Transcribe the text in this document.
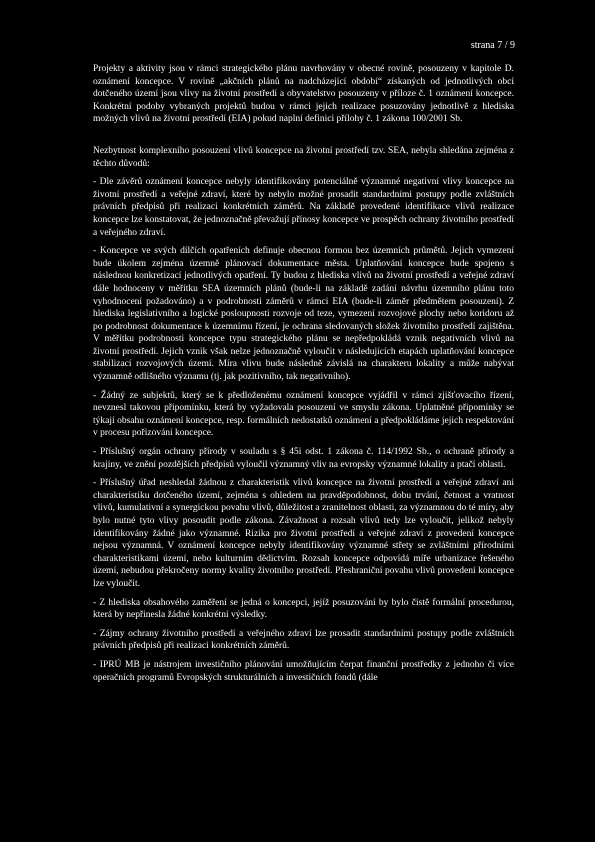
strana 7 / 9

Projekty a aktivity jsou v rámci strategického plánu navrhovány v obecné rovině, posouzeny v kapitole D. oznámení koncepce. V rovině „akčních plánů na nadcházející období“ získaných od jednotlivých obcí dotčeného území jsou vlivy na životní prostředí a obyvatelstvo posouzeny v příloze č. 1 oznámení koncepce. Konkrétní podoby vybraných projektů budou v rámci jejich realizace posuzovány jednotlivě z hlediska možných vlivů na životní prostředí (EIA) pokud naplní definici přílohy č. 1 zákona 100/2001 Sb.

Nezbytnost komplexního posouzení vlivů koncepce na životní prostředí tzv. SEA, nebyla shledána zejména z těchto důvodů:

- Dle závěrů oznámení koncepce nebyly identifikovány potenciálně významné negativní vlivy koncepce na životní prostředí a veřejné zdraví, které by nebylo možné prosadit standardními postupy podle zvláštních právních předpisů při realizaci konkrétních záměrů. Na základě provedené identifikace vlivů realizace koncepce lze konstatovat, že jednoznačně převažují přínosy koncepce ve prospěch ochrany životního prostředí a veřejného zdraví.

- Koncepce ve svých dílčích opatřeních definuje obecnou formou bez územních průmětů. Jejich vymezení bude úkolem zejména územně plánovací dokumentace města. Uplatňování koncepce bude spojeno s následnou konkretizací jednotlivých opatření. Ty budou z hlediska vlivů na životní prostředí a veřejné zdraví dále hodnoceny v měřítku SEA územních plánů (bude-li na základě zadání návrhu územního plánu toto vyhodnocení požadováno) a v podrobnosti záměrů v rámci EIA (bude-li záměr předmětem posouzení). Z hlediska legislativního a logické posloupnosti rozvoje od teze, vymezení rozvojové plochy nebo koridoru až po podrobnost dokumentace k územnímu řízení, je ochrana sledovaných složek životního prostředí zajištěna. V měřítku podrobnosti koncepce typu strategického plánu se nepředpokládá vznik negativních vlivů na životní prostředí. Jejich vznik však nelze jednoznačně vyloučit v následujících etapách uplatňování koncepce stabilizací rozvojových území. Míra vlivu bude následně závislá na charakteru lokality a může nabývat významně odlišného významu (tj. jak pozitivního, tak negativního).

- Žádný ze subjektů, který se k předloženému oznámení koncepce vyjádřil v rámci zjišťovacího řízení, nevznesl takovou připomínku, která by vyžadovala posouzení ve smyslu zákona. Uplatněné připomínky se týkají obsahu oznámení koncepce, resp. formálních nedostatků oznámení a předpokládáme jejich respektování v procesu pořizování koncepce.

- Příslušný orgán ochrany přírody v souladu s § 45i odst. 1 zákona č. 114/1992 Sb., o ochraně přírody a krajiny, ve znění pozdějších předpisů vyloučil významný vliv na evropsky významné lokality a ptačí oblasti.

- Příslušný úřad neshledal žádnou z charakteristik vlivů koncepce na životní prostředí a veřejné zdraví ani charakteristiku dotčeného území, zejména s ohledem na pravděpodobnost, dobu trvání, četnost a vratnost vlivů, kumulativní a synergickou povahu vlivů, důležitost a zranitelnost oblasti, za významnou do té míry, aby bylo nutné tyto vlivy posoudit podle zákona. Závažnost a rozsah vlivů tedy lze vyloučit, jelikož nebyly identifikovány žádné jako významné. Rizika pro životní prostředí a veřejné zdraví z provedení koncepce nejsou významná. V oznámení koncepce nebyly identifikovány významné střety se zvláštními přírodními charakteristikami území, nebo kulturním dědictvím. Rozsah koncepce odpovídá míře urbanizace řešeného území, nebudou překročeny normy kvality životního prostředí. Přeshraniční povahu vlivů provedení koncepce lze vyloučit.

- Z hlediska obsahového zaměření se jedná o koncepci, jejíž posuzování by bylo čistě formální procedurou, která by nepřinesla žádné konkrétní výsledky.

- Zájmy ochrany životního prostředí a veřejného zdraví lze prosadit standardními postupy podle zvláštních právních předpisů při realizaci konkrétních záměrů.

- IPRÚ MB je nástrojem investičního plánování umožňujícím čerpat finanční prostředky z jednoho či více operačních programů Evropských strukturálních a investičních fondů (dále
